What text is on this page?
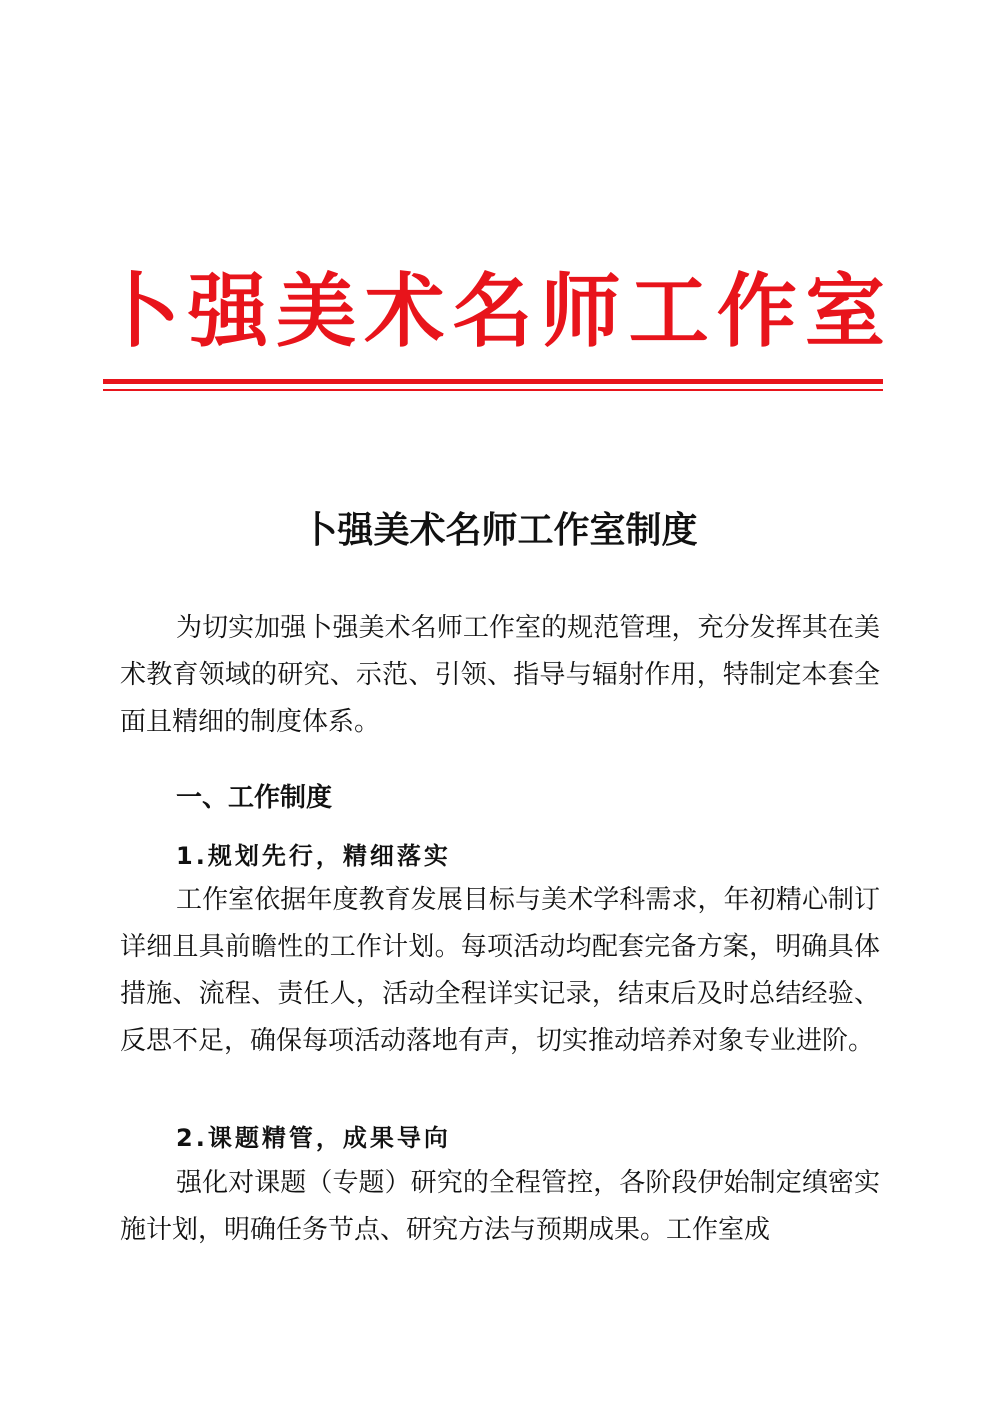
卜 强 美 术 名 师 工 作 室
卜强美术名师工作室制度

为切实加强卜强美术名师工作室的规范管理，充分发挥其在美术教育领域的研究、示范、引领、指导与辐射作用，特制定本套全面且精细的制度体系。

一、工作制度
1.规划先行，精细落实

工作室依据年度教育发展目标与美术学科需求，年初精心制订详细且具前瞻性的工作计划。每项活动均配套完备方案，明确具体措施、流程、责任人，活动全程详实记录，结束后及时总结经验、反思不足，确保每项活动落地有声，切实推动培养对象专业进阶。

2.课题精管，成果导向

强化对课题（专题）研究的全程管控，各阶段伊始制定缜密实施计划，明确任务节点、研究方法与预期成果。工作室成
